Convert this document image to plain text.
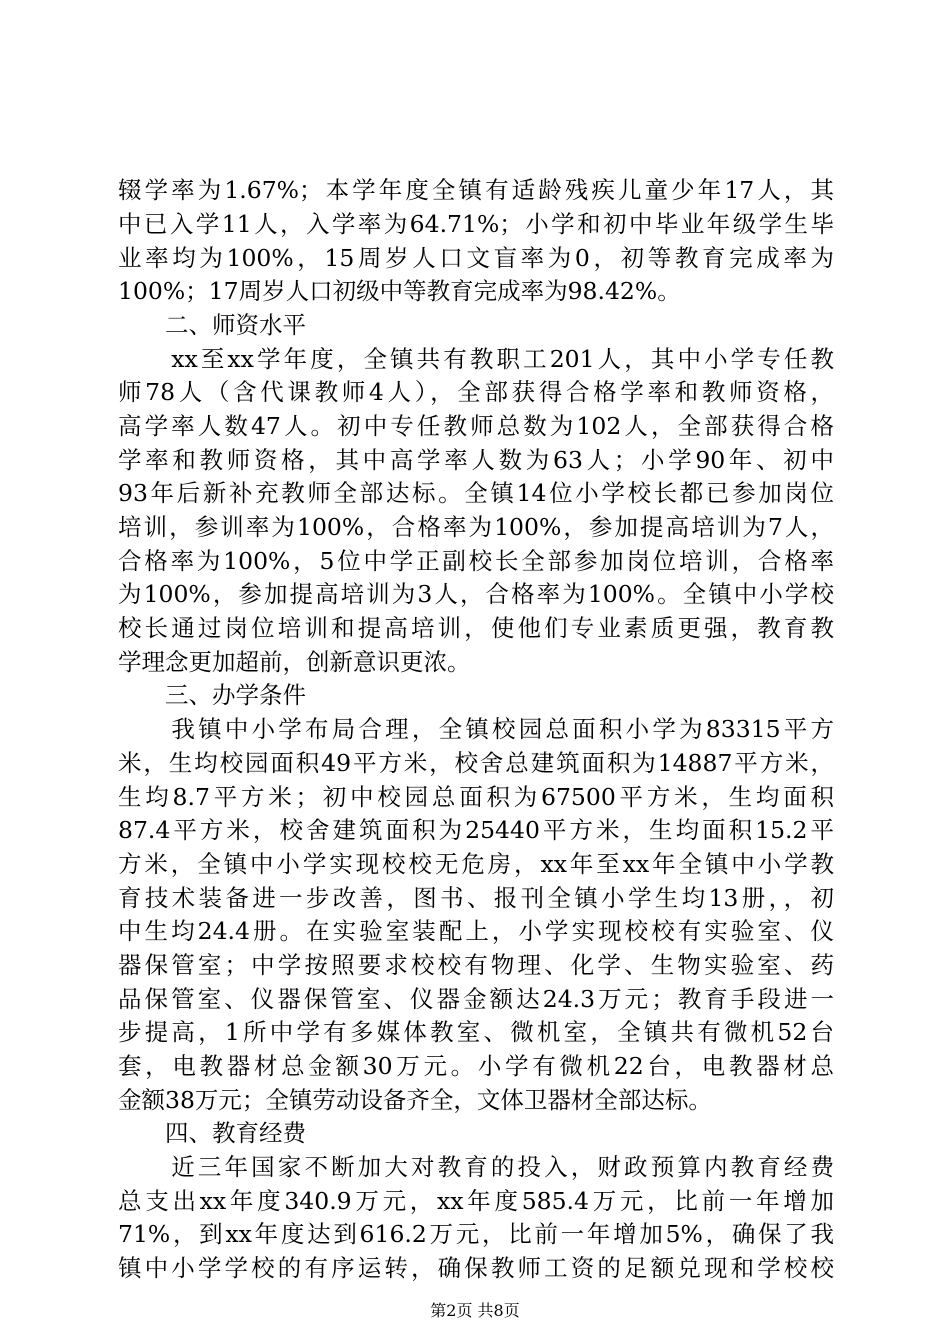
辍学率为1.67%；本学年度全镇有适龄残疾儿童少年17人，其
中已入学11人，入学率为64.71%；小学和初中毕业年级学生毕
业率均为100%，15周岁人口文盲率为0，初等教育完成率为
100%；17周岁人口初级中等教育完成率为98.42%。
　　二、师资水平
　　xx至xx学年度，全镇共有教职工201人，其中小学专任教
师78人（含代课教师4人），全部获得合格学率和教师资格，
高学率人数47人。初中专任教师总数为102人，全部获得合格
学率和教师资格，其中高学率人数为63人；小学90年、初中
93年后新补充教师全部达标。全镇14位小学校长都已参加岗位
培训，参训率为100%，合格率为100%，参加提高培训为7人，
合格率为100%，5位中学正副校长全部参加岗位培训，合格率
为100%，参加提高培训为3人，合格率为100%。全镇中小学校
校长通过岗位培训和提高培训，使他们专业素质更强，教育教
学理念更加超前，创新意识更浓。
　　三、办学条件
　　我镇中小学布局合理，全镇校园总面积小学为83315平方
米，生均校园面积49平方米，校舍总建筑面积为14887平方米，
生均8.7平方米；初中校园总面积为67500平方米，生均面积
87.4平方米，校舍建筑面积为25440平方米，生均面积15.2平
方米，全镇中小学实现校校无危房，xx年至xx年全镇中小学教
育技术装备进一步改善，图书、报刊全镇小学生均13册，，初
中生均24.4册。在实验室装配上，小学实现校校有实验室、仪
器保管室；中学按照要求校校有物理、化学、生物实验室、药
品保管室、仪器保管室、仪器金额达24.3万元；教育手段进一
步提高，1所中学有多媒体教室、微机室，全镇共有微机52台
套，电教器材总金额30万元。小学有微机22台，电教器材总
金额38万元；全镇劳动设备齐全，文体卫器材全部达标。
　　四、教育经费
　　近三年国家不断加大对教育的投入，财政预算内教育经费
总支出xx年度340.9万元，xx年度585.4万元，比前一年增加
71%，到xx年度达到616.2万元，比前一年增加5%，确保了我
镇中小学学校的有序运转，确保教师工资的足额兑现和学校校
第2页 共8页
